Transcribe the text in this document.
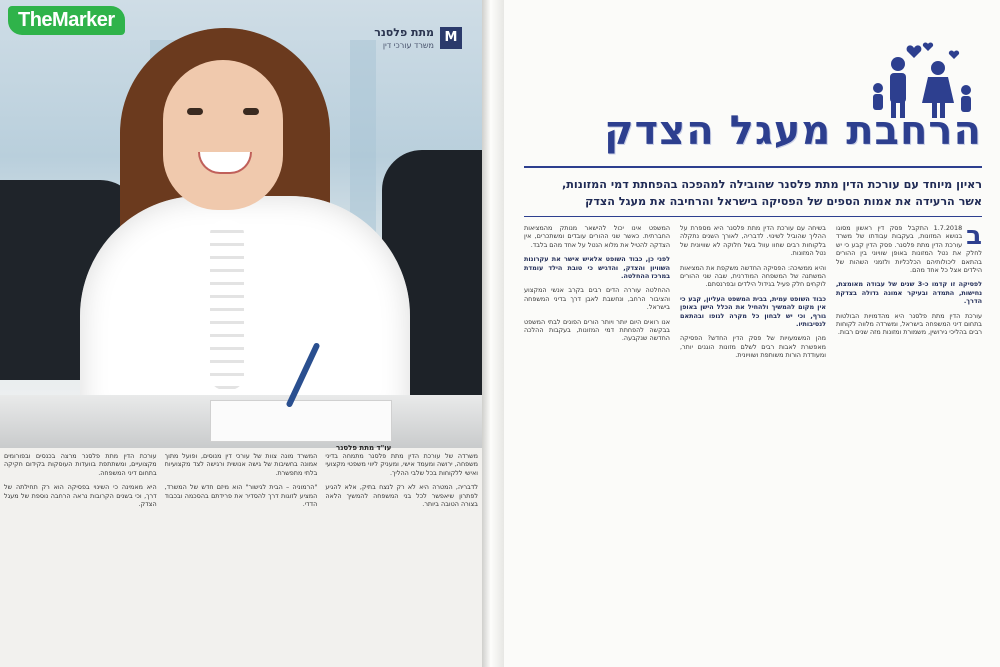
TheMarker
מתת פלסנר
משרד עורכי דין
M
עו"ד מתת פלסנר

משרדה של עורכת הדין מתת פלסנר מתמחה בדיני משפחה, ירושה ומעמד אישי, ומעניק ליווי משפטי מקצועי ואישי ללקוחות בכל שלבי ההליך.

לדבריה, המטרה היא לא רק לנצח בתיק, אלא להגיע לפתרון שיאפשר לכל בני המשפחה להמשיך הלאה בצורה הטובה ביותר.

המשרד מונה צוות של עורכי דין מנוסים, ופועל מתוך אמונה בחשיבות של גישה אנושית ורגישה לצד מקצועיות בלתי מתפשרת.

"הרמוניה – הבית לגישור" הוא מיזם חדש של המשרד, המציע לזוגות דרך להסדיר את פרידתם בהסכמה ובכבוד הדדי.

עורכת הדין מתת פלסנר מרצה בכנסים ובפורומים מקצועיים, ומשתתפת בוועדות העוסקות בקידום חקיקה בתחום דיני המשפחה.

היא מאמינה כי השינוי בפסיקה הוא רק תחילתה של דרך, וכי בשנים הקרובות נראה הרחבה נוספת של מעגל הצדק.

הרחבת מעגל הצדק
ראיון מיוחד עם עורכת הדין מתת פלסנר שהובילה למהפכה בהפחתת דמי המזונות,
אשר הרעידה את אמות הספים של הפסיקה בישראל והרחיבה את מעגל הצדק
ב

1.7.2018 התקבל פסק דין ראשון מסוגו בנושא המזונות, בעקבות עבודתו של משרד עורכת הדין מתת פלסנר. פסק הדין קבע כי יש לחלק את נטל המזונות באופן שוויוני בין ההורים בהתאם ליכולותיהם הכלכליות ולזמני השהות של הילדים אצל כל אחד מהם.

לפסיקה זו קדמו כ-3 שנים של עבודה מאומצת, נחישות, התמדה ובעיקר אמונה גדולה בצדקת הדרך.

עורכת הדין מתת פלסנר היא מהדמויות הבולטות בתחום דיני המשפחה בישראל, ומשרדה מלווה לקוחות רבים בהליכי גירושין, משמורת ומזונות מזה שנים רבות.

בשיחה עם עורכת הדין מתת פלסנר היא מספרת על ההליך שהוביל לשינוי. לדבריה, לאורך השנים נתקלה בלקוחות רבים שחוו עוול בשל חלוקה לא שוויונית של נטל המזונות.

והיא ממשיכה: הפסיקה החדשה משקפת את המציאות המשתנה של המשפחה המודרנית, שבה שני ההורים לוקחים חלק פעיל בגידול הילדים ובפרנסתם.

כבוד השופט עמית, בבית המשפט העליון, קבע כי אין מקום להמשיך ולהחיל את הכלל הישן באופן גורף, וכי יש לבחון כל מקרה לגופו ובהתאם לנסיבותיו.

מהן המשמעויות של פסק הדין החדש? הפסיקה מאפשרת לאבות רבים לשלם מזונות הוגנים יותר, ומעודדת הורות משותפת ושוויונית.

המשפט אינו יכול להישאר מנותק מהמציאות החברתית. כאשר שני ההורים עובדים ומשתכרים, אין הצדקה להטיל את מלוא הנטל על אחד מהם בלבד.

לפני כן, כבוד השופט אלאיש אישר את עקרונות השוויון והצדק, והדגיש כי טובת הילד עומדת במרכז ההחלטה.

ההחלטה עוררה הדים רבים בקרב אנשי המקצוע והציבור הרחב, ונחשבת לאבן דרך בדיני המשפחה בישראל.

אנו רואים היום יותר ויותר הורים הפונים לבתי המשפט בבקשה להפחתת דמי המזונות, בעקבות ההלכה החדשה שנקבעה.
